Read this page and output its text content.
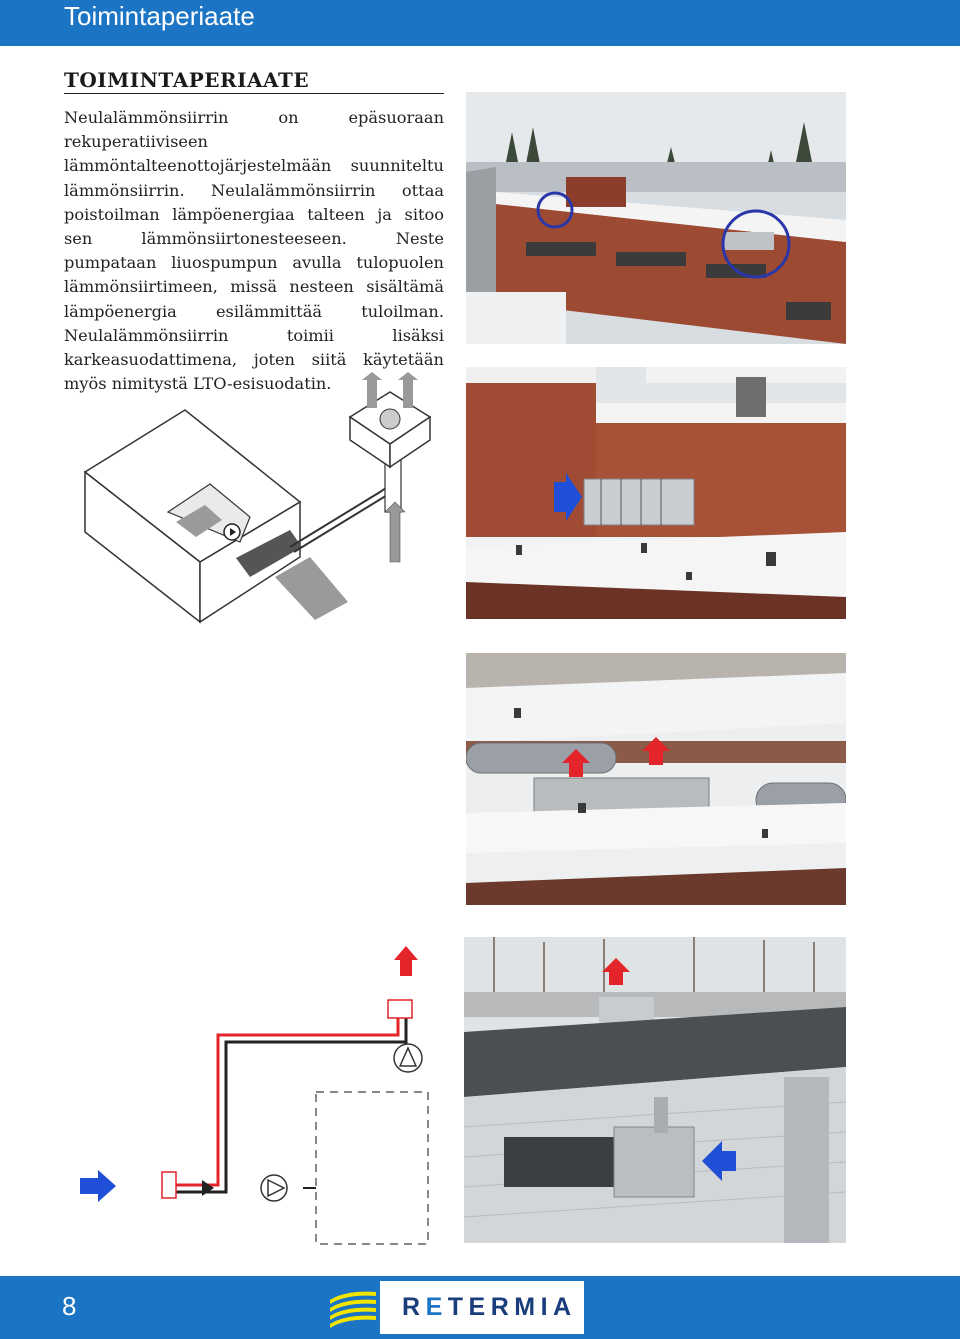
Toimintaperiaate
TOIMINTAPERIAATE
Neulalämmönsiirrin on epäsuoraan rekuperatiiviseen lämmöntalteenottojärjestelmään suunniteltu lämmönsiirrin. Neulalämmönsiirrin ottaa poistoilman lämpöenergiaa talteen ja sitoo sen lämmönsiirtonesteeseen. Neste pumpataan liuospumpun avulla tulopuolen lämmönsiirtimeen, missä nesteen sisältämä lämpöenergia esilämmittää tuloilman. Neulalämmönsiirrin toimii lisäksi karkeasuodattimena, joten siitä käytetään myös nimitystä LTO-esisuodatin.
8	RETERMIA
